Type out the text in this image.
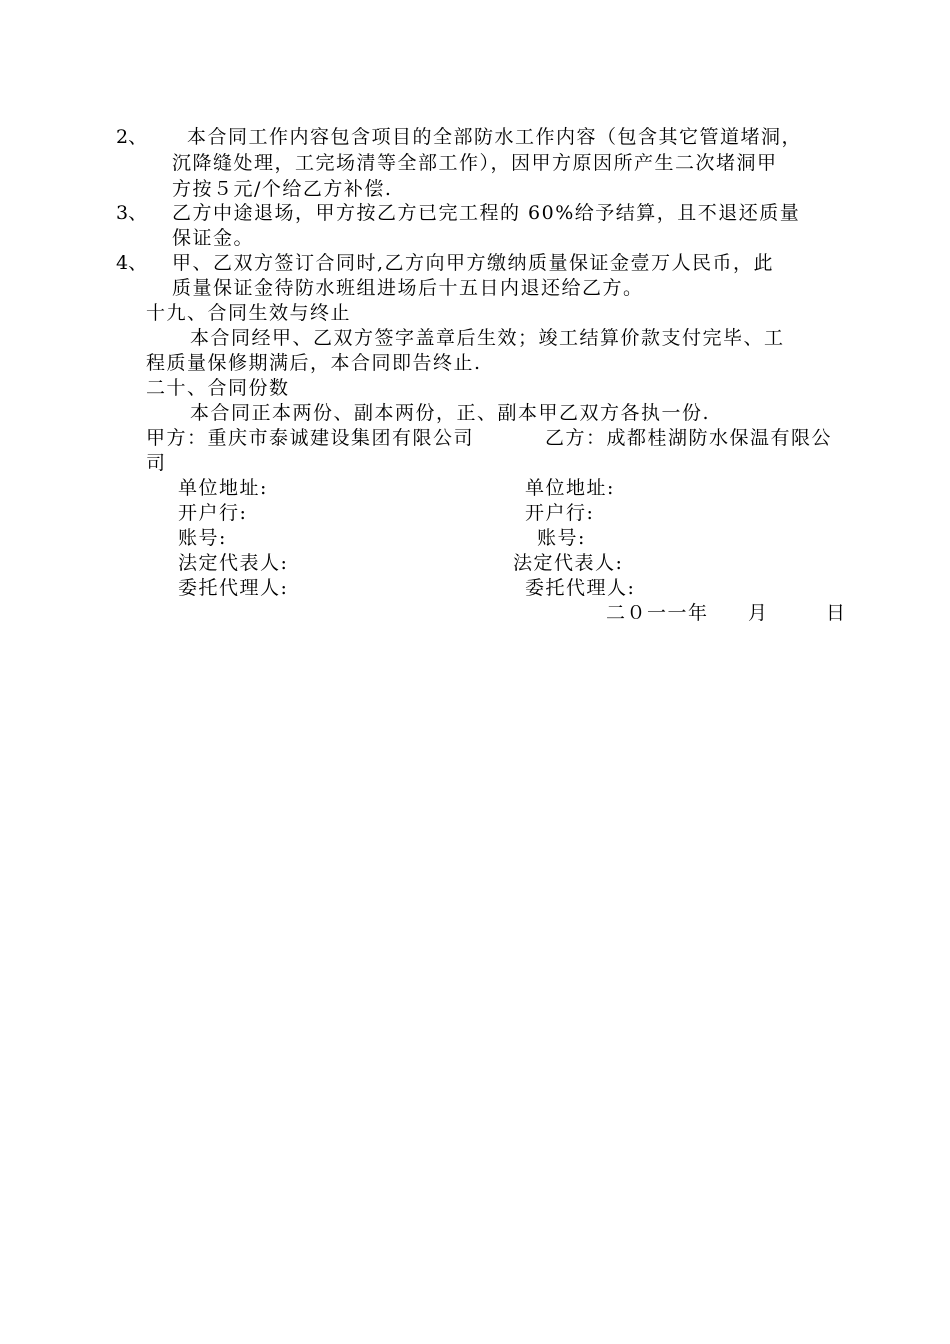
2、 本合同工作内容包含项目的全部防水工作内容（包含其它管道堵洞，
沉降缝处理，工完场清等全部工作），因甲方原因所产生二次堵洞甲
方按５元/个给乙方补偿.
3、 乙方中途退场，甲方按乙方已完工程的 60%给予结算，且不退还质量
保证金。
4、 甲、乙双方签订合同时,乙方向甲方缴纳质量保证金壹万人民币，此
质量保证金待防水班组进场后十五日内退还给乙方。
十九、合同生效与终止
本合同经甲、乙双方签字盖章后生效；竣工结算价款支付完毕、工
程质量保修期满后，本合同即告终止.
二十、合同份数
本合同正本两份、副本两份，正、副本甲乙双方各执一份.
甲方：重庆市泰诚建设集团有限公司	乙方：成都桂湖防水保温有限公
司
单位地址:
开户行:
账号:
法定代表人:
委托代理人:
单位地址:
开户行:
账号:
法定代表人:
委托代理人:
二０一一年 月	日
